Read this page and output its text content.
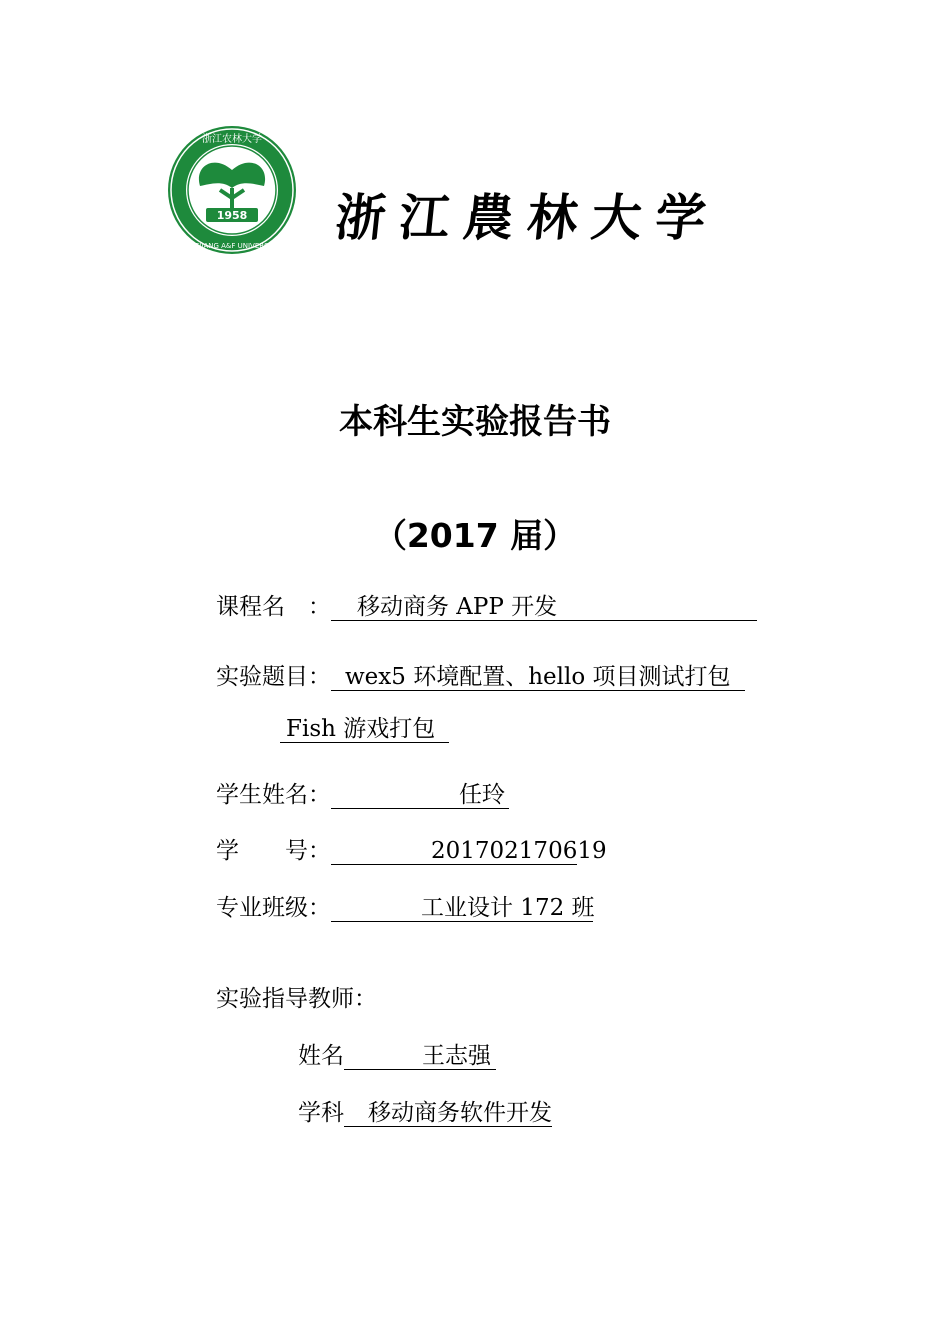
1958
浙江农林大学
ZHEJIANG A&F UNIVERSITY 浙江農林大学
本科生实验报告书
（2017 届）
课程名　： 移动商务 APP 开发
实验题目： wex5 环境配置、hello 项目测试打包
Fish 游戏打包
学生姓名：	任玲
学　　号：	201702170619
专业班级：	工业设计 172 班
实验指导教师：
姓名	王志强
学科 移动商务软件开发
